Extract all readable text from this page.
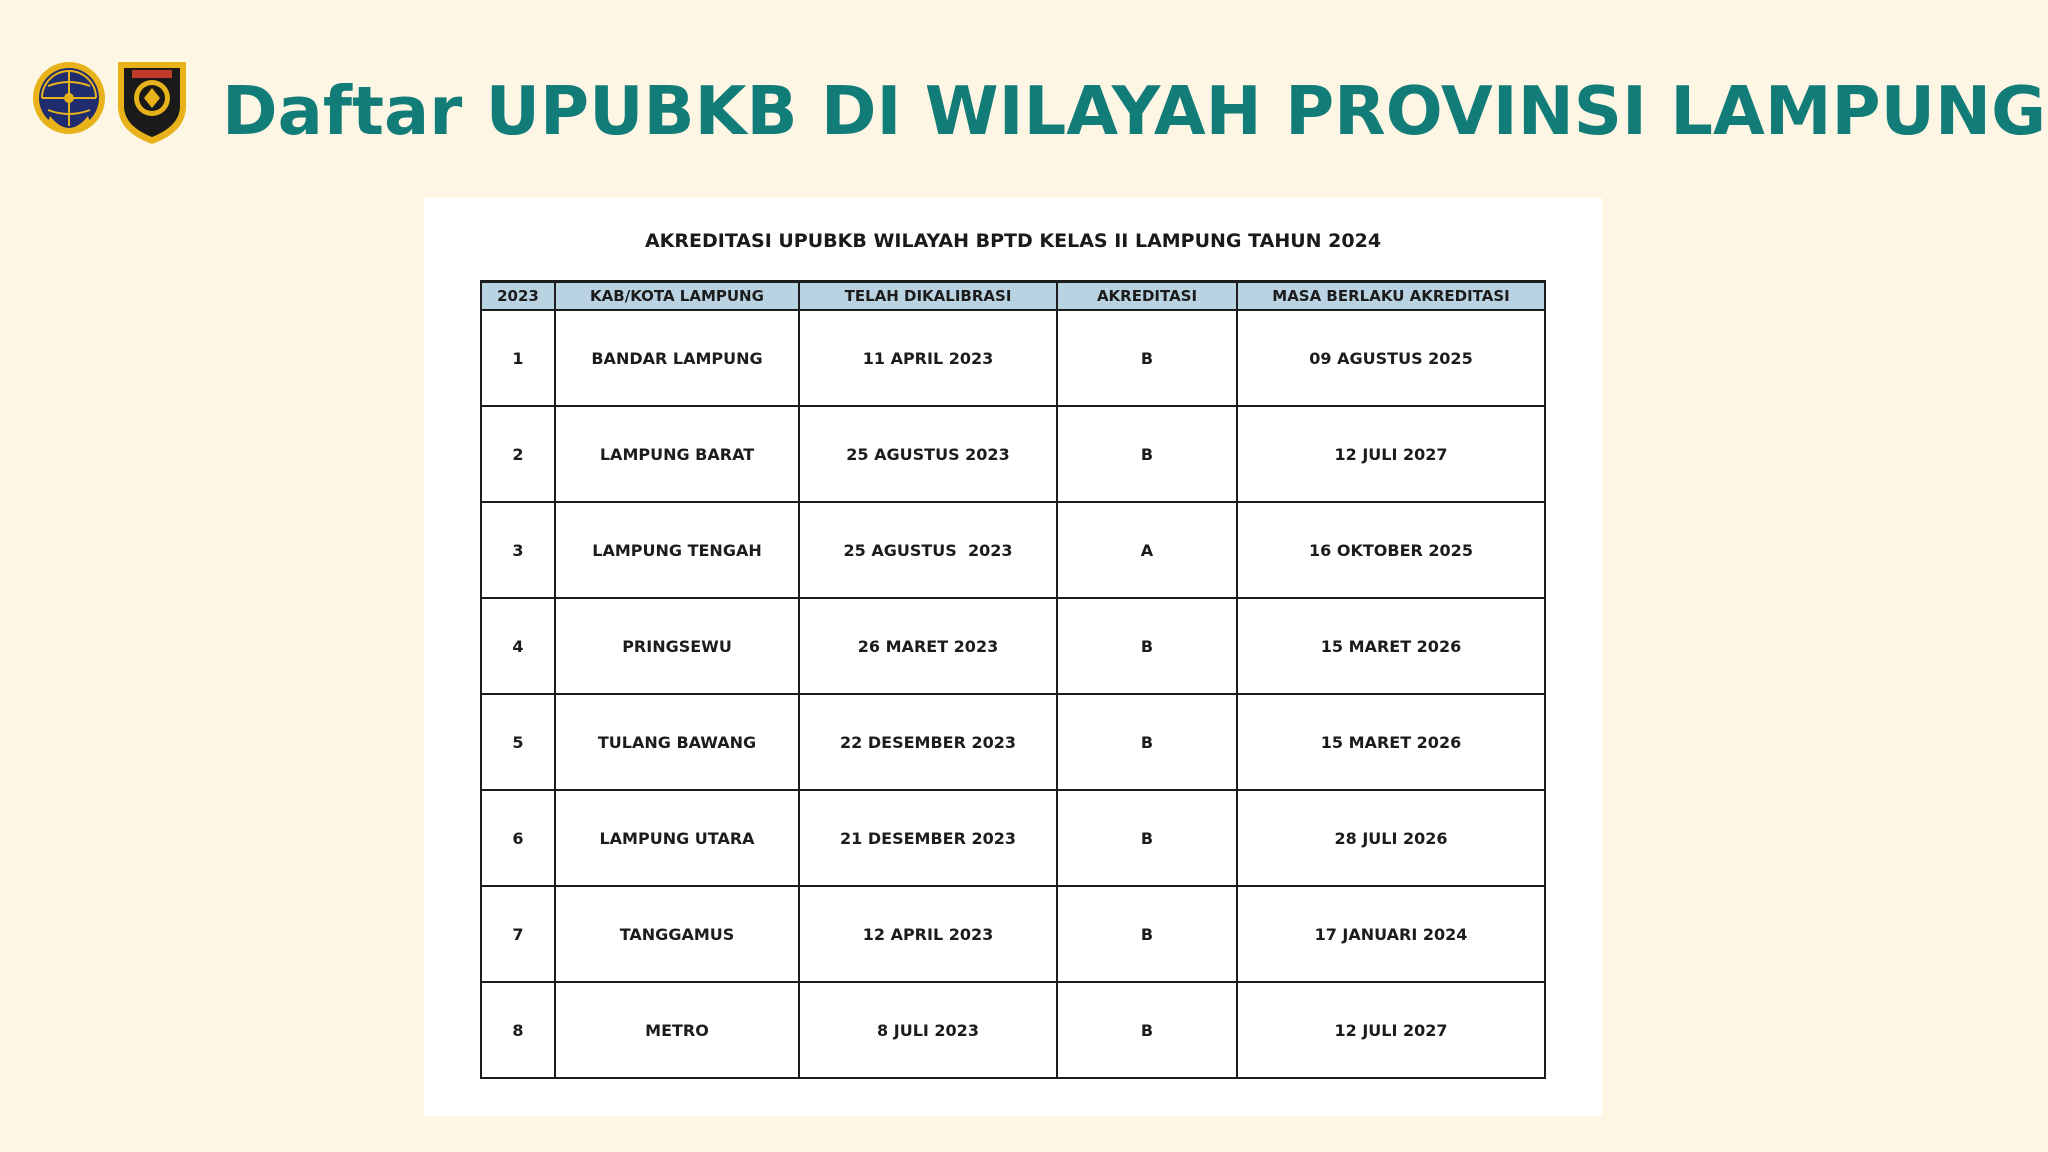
Daftar UPUBKB DI WILAYAH PROVINSI LAMPUNG
AKREDITASI UPUBKB WILAYAH BPTD KELAS II LAMPUNG TAHUN 2024
2023	KAB/KOTA LAMPUNG	TELAH DIKALIBRASI	AKREDITASI	MASA BERLAKU AKREDITASI
1	BANDAR LAMPUNG	11 APRIL 2023	B	09 AGUSTUS 2025
2	LAMPUNG BARAT	25 AGUSTUS 2023	B	12 JULI 2027
3	LAMPUNG TENGAH	25 AGUSTUS  2023	A	16 OKTOBER 2025
4	PRINGSEWU	26 MARET 2023	B	15 MARET 2026
5	TULANG BAWANG	22 DESEMBER 2023	B	15 MARET 2026
6	LAMPUNG UTARA	21 DESEMBER 2023	B	28 JULI 2026
7	TANGGAMUS	12 APRIL 2023	B	17 JANUARI 2024
8	METRO	8 JULI 2023	B	12 JULI 2027
